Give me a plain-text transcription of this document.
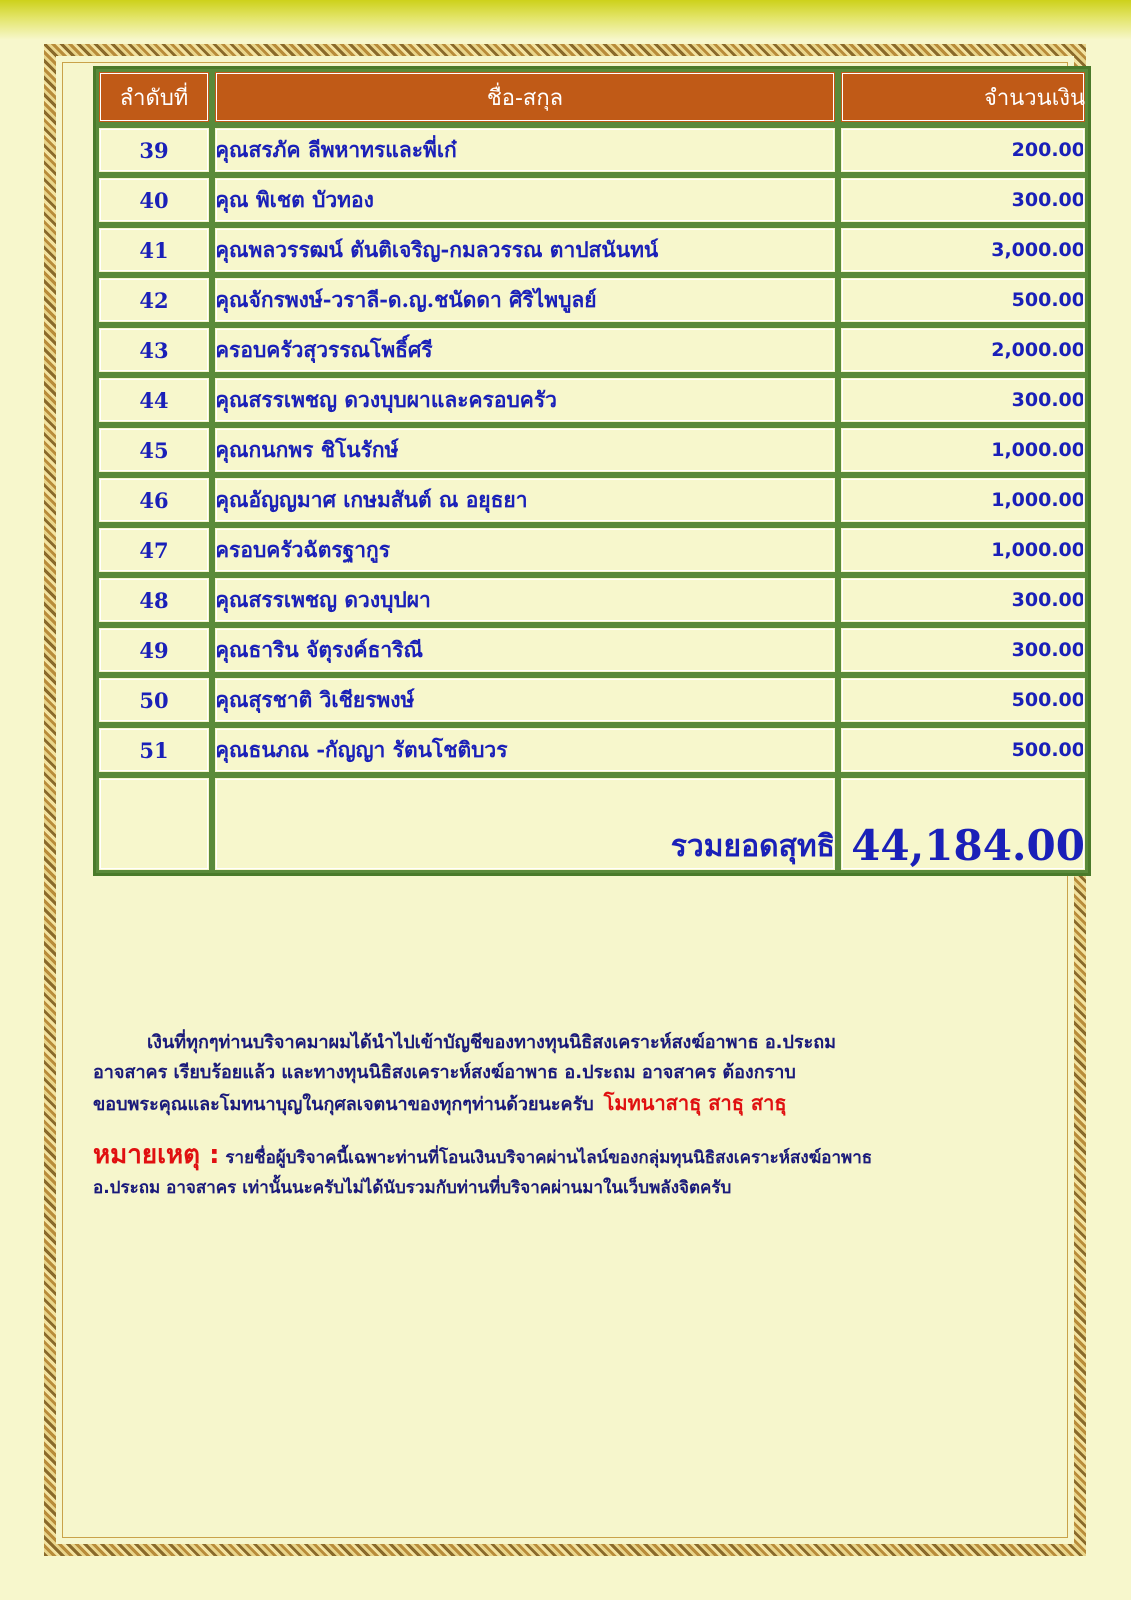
ลำดับที่	ชื่อ-สกุล	จำนวนเงิน
39	คุณสรภัค ลีพหาทรและพี่เก๋	200.00
40	คุณ พิเชต บัวทอง	300.00
41	คุณพลวรรฒน์ ตันติเจริญ-กมลวรรณ ตาปสนันทน์	3,000.00
42	คุณจักรพงษ์-วราลี-ด.ญ.ชนัดดา ศิริไพบูลย์	500.00
43	ครอบครัวสุวรรณโพธิ์ศรี	2,000.00
44	คุณสรรเพชญ ดวงบุบผาและครอบครัว	300.00
45	คุณกนกพร ชิโนรักษ์	1,000.00
46	คุณอัญญมาศ เกษมสันต์ ณ อยุธยา	1,000.00
47	ครอบครัวฉัตรฐากูร	1,000.00
48	คุณสรรเพชญ ดวงบุปผา	300.00
49	คุณธาริน จัตุรงค์ธาริณี	300.00
50	คุณสุรชาติ วิเชียรพงษ์	500.00
51	คุณธนภณ -กัญญา รัตนโชติบวร	500.00
	รวมยอดสุทธิ	44,184.00
เงินที่ทุกๆท่านบริจาคมาผมได้นำไปเข้าบัญชีของทางทุนนิธิสงเคราะห์สงฆ์อาพาธ อ.ประถม
อาจสาคร เรียบร้อยแล้ว และทางทุนนิธิสงเคราะห์สงฆ์อาพาธ อ.ประถม อาจสาคร ต้องกราบ
ขอบพระคุณและโมทนาบุญในกุศลเจตนาของทุกๆท่านด้วยนะครับ โมทนาสาธุ สาธุ สาธุ
หมายเหตุ : รายชื่อผู้บริจาคนี้เฉพาะท่านที่โอนเงินบริจาคผ่านไลน์ของกลุ่มทุนนิธิสงเคราะห์สงฆ์อาพาธ
อ.ประถม อาจสาคร เท่านั้นนะครับไม่ได้นับรวมกับท่านที่บริจาคผ่านมาในเว็บพลังจิตครับ
